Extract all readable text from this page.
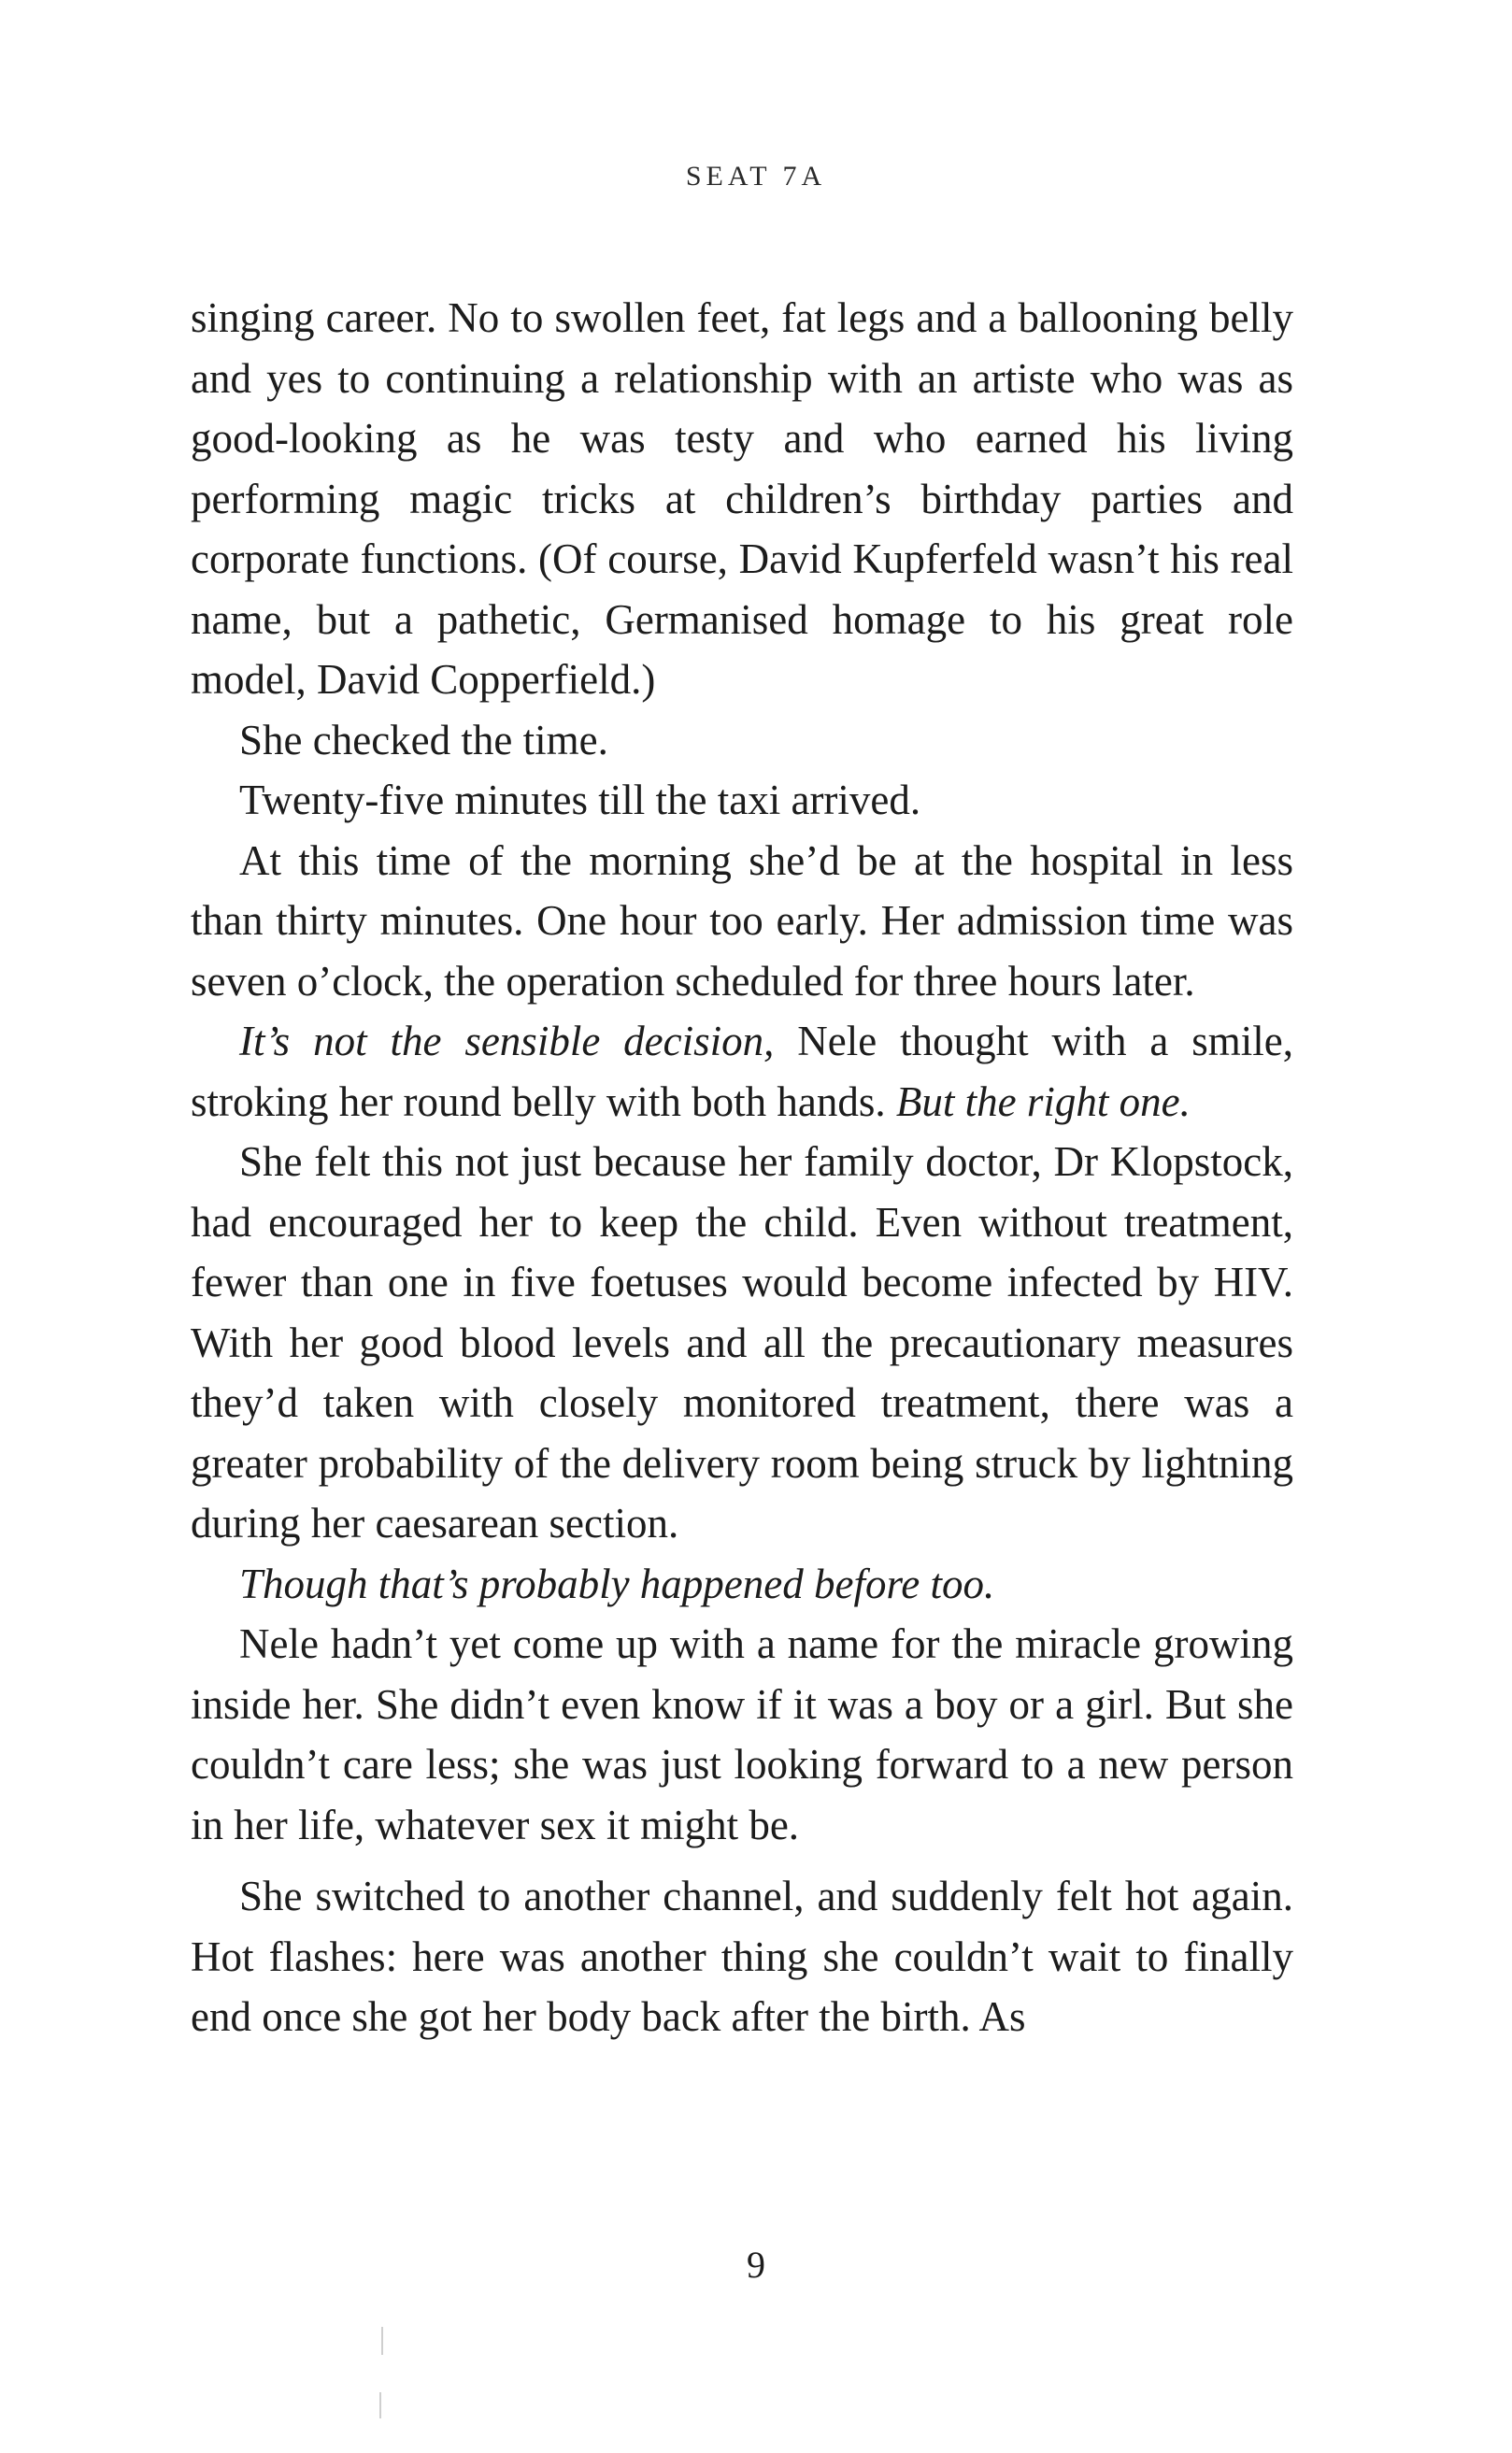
SEAT 7A

singing career. No to swollen feet, fat legs and a ballooning belly and yes to continuing a relationship with an artiste who was as good-looking as he was testy and who earned his living performing magic tricks at children’s birthday parties and corporate functions. (Of course, David Kupferfeld wasn’t his real name, but a pathetic, Germanised homage to his great role model, David Copperfield.)

She checked the time.

Twenty-five minutes till the taxi arrived.

At this time of the morning she’d be at the hospital in less than thirty minutes. One hour too early. Her admission time was seven o’clock, the operation scheduled for three hours later.

It’s not the sensible decision, Nele thought with a smile, stroking her round belly with both hands. But the right one.

She felt this not just because her family doctor, Dr Klopstock, had encouraged her to keep the child. Even without treatment, fewer than one in five foetuses would become infected by HIV. With her good blood levels and all the precautionary measures they’d taken with closely monitored treatment, there was a greater probability of the delivery room being struck by lightning during her caesarean section.

Though that’s probably happened before too.

Nele hadn’t yet come up with a name for the miracle growing inside her. She didn’t even know if it was a boy or a girl. But she couldn’t care less; she was just looking forward to a new person in her life, whatever sex it might be.

She switched to another channel, and suddenly felt hot again. Hot flashes: here was another thing she couldn’t wait to finally end once she got her body back after the birth. As

9
